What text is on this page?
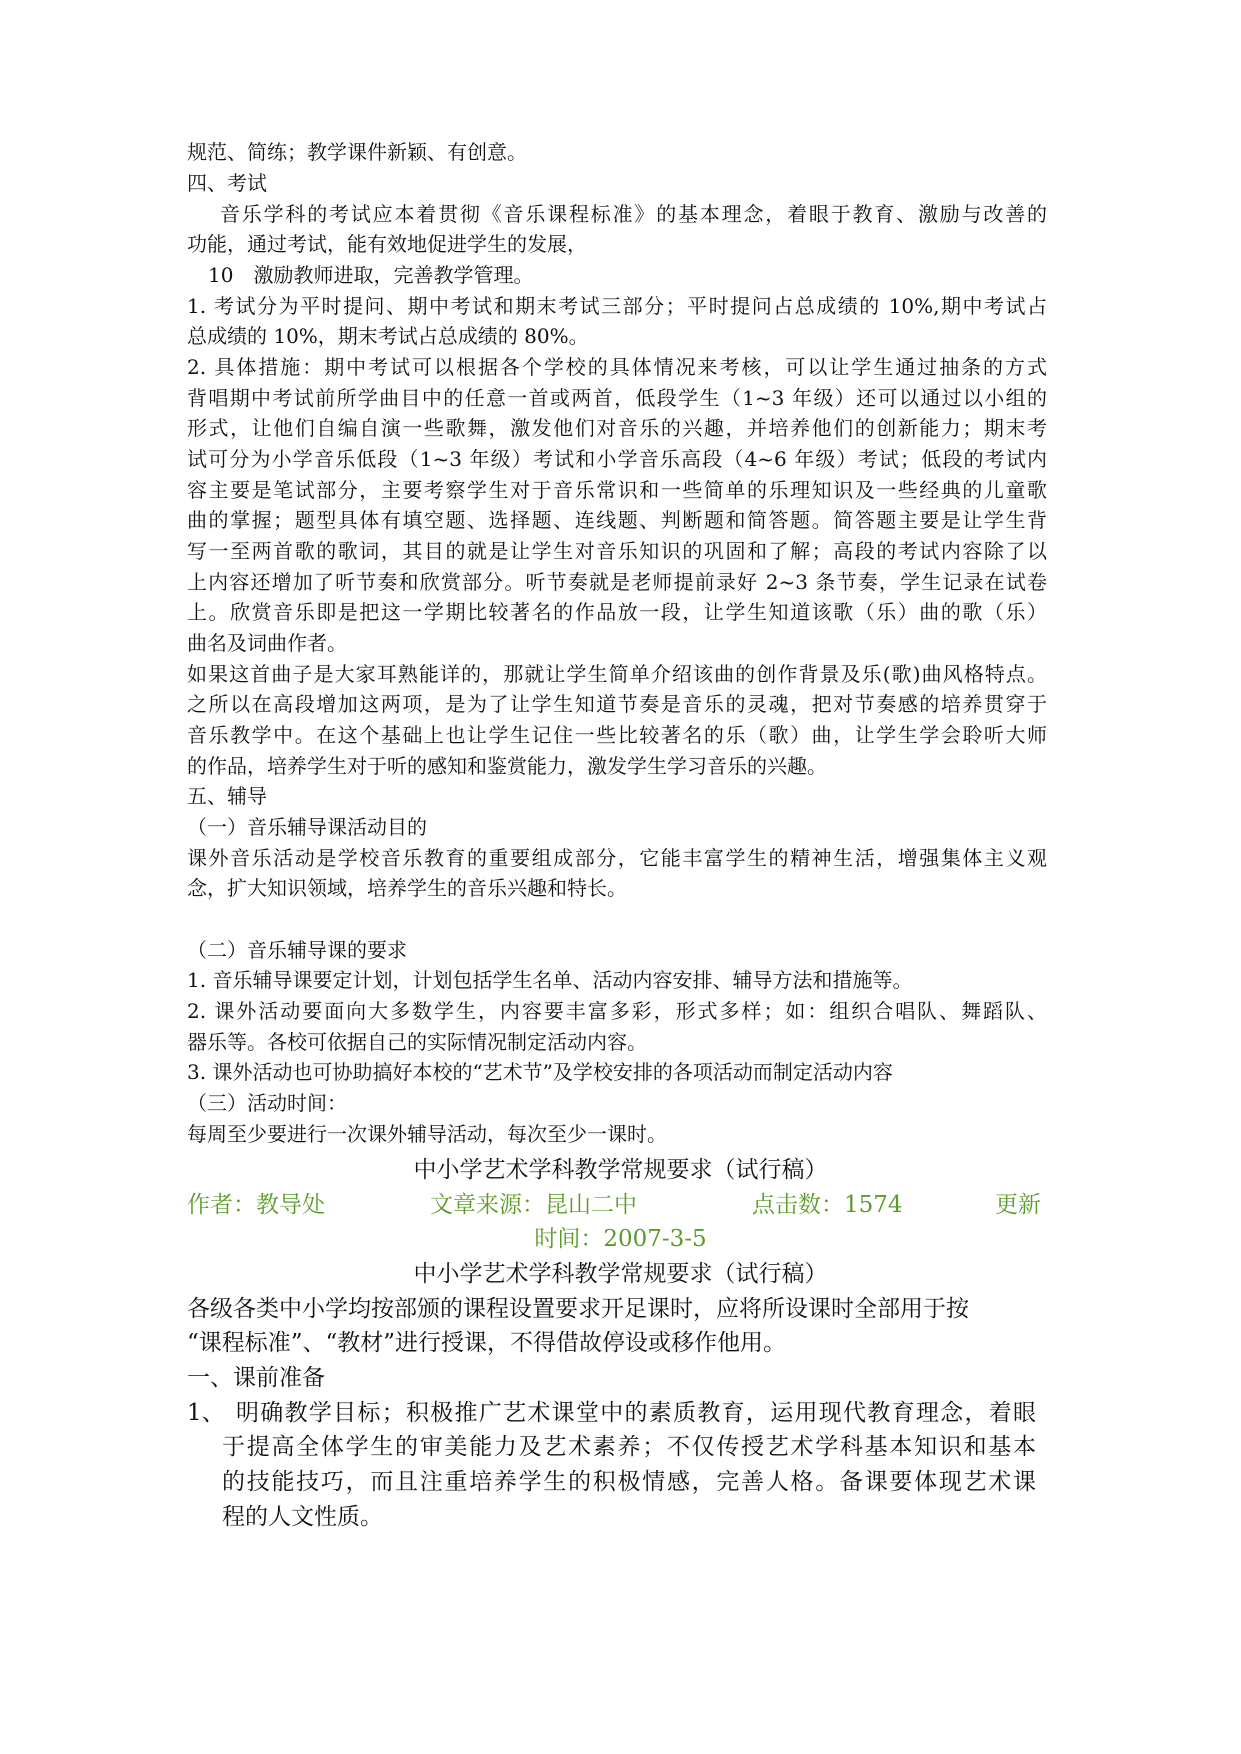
规范、简练；教学课件新颖、有创意。
四、考试
音乐学科的考试应本着贯彻《音乐课程标准》的基本理念，着眼于教育、激励与改善的
功能，通过考试，能有效地促进学生的发展，
10　激励教师进取，完善教学管理。
1. 考试分为平时提问、期中考试和期末考试三部分；平时提问占总成绩的 10%,期中考试占
总成绩的 10%，期末考试占总成绩的 80%。
2. 具体措施：期中考试可以根据各个学校的具体情况来考核，可以让学生通过抽条的方式
背唱期中考试前所学曲目中的任意一首或两首，低段学生（1~3 年级）还可以通过以小组的
形式，让他们自编自演一些歌舞，激发他们对音乐的兴趣，并培养他们的创新能力；期末考
试可分为小学音乐低段（1~3 年级）考试和小学音乐高段（4~6 年级）考试；低段的考试内
容主要是笔试部分，主要考察学生对于音乐常识和一些简单的乐理知识及一些经典的儿童歌
曲的掌握；题型具体有填空题、选择题、连线题、判断题和简答题。简答题主要是让学生背
写一至两首歌的歌词，其目的就是让学生对音乐知识的巩固和了解；高段的考试内容除了以
上内容还增加了听节奏和欣赏部分。听节奏就是老师提前录好 2~3 条节奏，学生记录在试卷
上。欣赏音乐即是把这一学期比较著名的作品放一段，让学生知道该歌（乐）曲的歌（乐）
曲名及词曲作者。
如果这首曲子是大家耳熟能详的，那就让学生简单介绍该曲的创作背景及乐(歌)曲风格特点。
之所以在高段增加这两项，是为了让学生知道节奏是音乐的灵魂，把对节奏感的培养贯穿于
音乐教学中。在这个基础上也让学生记住一些比较著名的乐（歌）曲，让学生学会聆听大师
的作品，培养学生对于听的感知和鉴赏能力，激发学生学习音乐的兴趣。
五、辅导
（一）音乐辅导课活动目的
课外音乐活动是学校音乐教育的重要组成部分，它能丰富学生的精神生活，增强集体主义观
念，扩大知识领域，培养学生的音乐兴趣和特长。
（二）音乐辅导课的要求
1. 音乐辅导课要定计划，计划包括学生名单、活动内容安排、辅导方法和措施等。
2. 课外活动要面向大多数学生，内容要丰富多彩，形式多样；如：组织合唱队、舞蹈队、
器乐等。各校可依据自己的实际情况制定活动内容。
3. 课外活动也可协助搞好本校的“艺术节”及学校安排的各项活动而制定活动内容
（三）活动时间：
每周至少要进行一次课外辅导活动，每次至少一课时。
中小学艺术学科教学常规要求（试行稿）
作者：教导处	文章来源：昆山二中	点击数：1574	更新
时间：2007-3-5
中小学艺术学科教学常规要求（试行稿）
各级各类中小学均按部颁的课程设置要求开足课时，应将所设课时全部用于按
“课程标准”、“教材”进行授课，不得借故停设或移作他用。
一、课前准备
1、 明确教学目标；积极推广艺术课堂中的素质教育，运用现代教育理念，着眼
于提高全体学生的审美能力及艺术素养；不仅传授艺术学科基本知识和基本
的技能技巧，而且注重培养学生的积极情感，完善人格。备课要体现艺术课
程的人文性质。
